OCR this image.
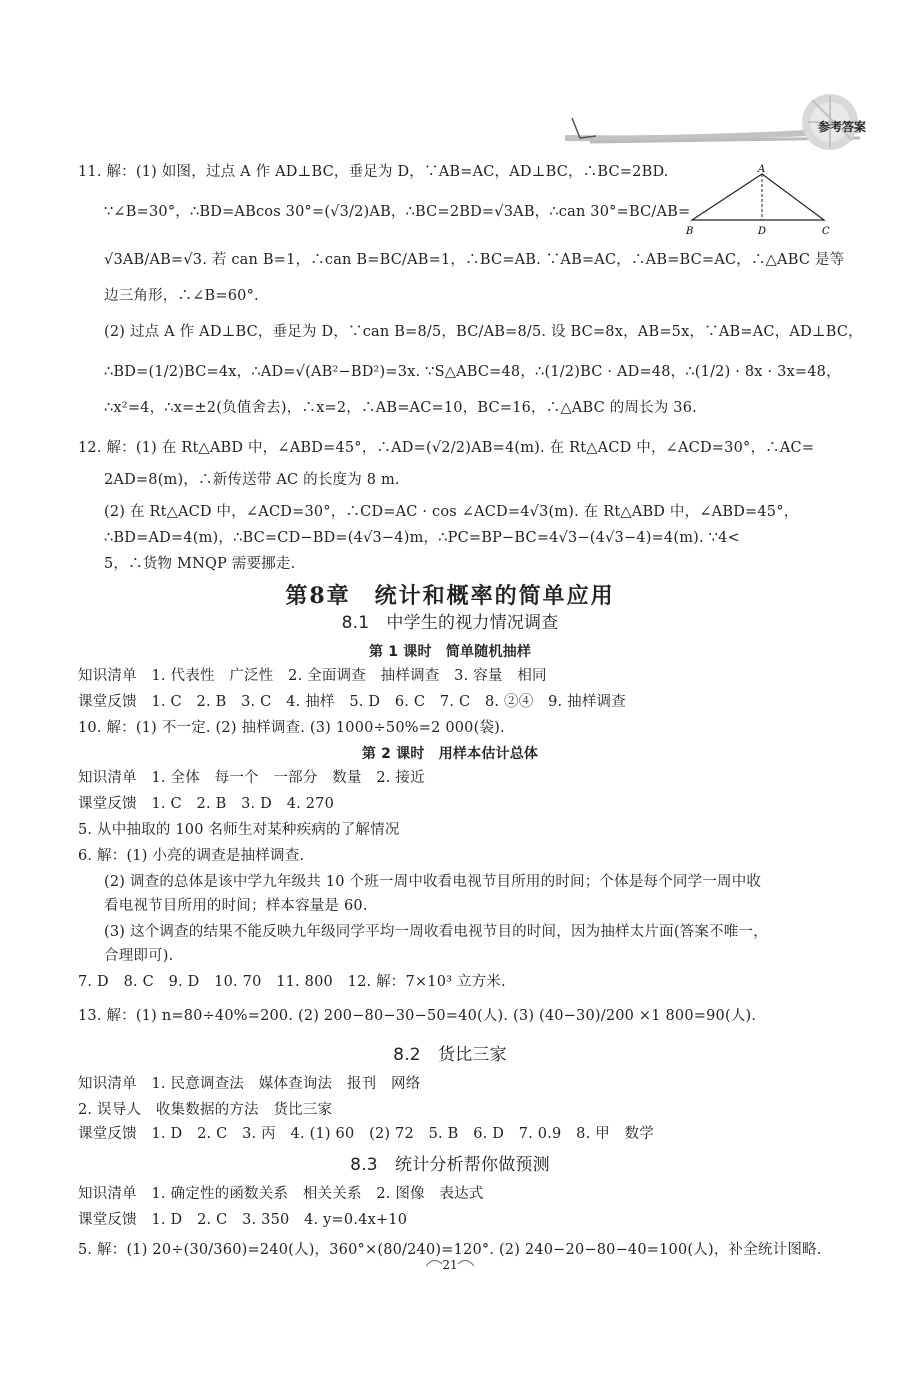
参考答案
A
B	D	C
11. 解：(1) 如图，过点 A 作 AD⊥BC，垂足为 D，∵AB=AC，AD⊥BC，∴BC=2BD.
∵∠B=30°，∴BD=ABcos 30°=(√3/2)AB，∴BC=2BD=√3AB，∴can 30°=BC/AB=
√3AB/AB=√3. 若 can B=1，∴can B=BC/AB=1，∴BC=AB. ∵AB=AC，∴AB=BC=AC，∴△ABC 是等
边三角形，∴∠B=60°.
(2) 过点 A 作 AD⊥BC，垂足为 D，∵can B=8/5，BC/AB=8/5. 设 BC=8x，AB=5x，∵AB=AC，AD⊥BC，
∴BD=(1/2)BC=4x，∴AD=√(AB²−BD²)=3x. ∵S△ABC=48，∴(1/2)BC · AD=48，∴(1/2) · 8x · 3x=48，
∴x²=4，∴x=±2(负值舍去)，∴x=2，∴AB=AC=10，BC=16，∴△ABC 的周长为 36.
12. 解：(1) 在 Rt△ABD 中，∠ABD=45°，∴AD=(√2/2)AB=4(m). 在 Rt△ACD 中，∠ACD=30°，∴AC=
2AD=8(m)，∴新传送带 AC 的长度为 8 m.
(2) 在 Rt△ACD 中，∠ACD=30°，∴CD=AC · cos ∠ACD=4√3(m). 在 Rt△ABD 中，∠ABD=45°，
∴BD=AD=4(m)，∴BC=CD−BD=(4√3−4)m，∴PC=BP−BC=4√3−(4√3−4)=4(m). ∵4<
5，∴货物 MNQP 需要挪走.
第8章　统计和概率的简单应用
8.1　中学生的视力情况调查
第 1 课时　简单随机抽样
知识清单　1. 代表性　广泛性　2. 全面调查　抽样调查　3. 容量　相同
课堂反馈　1. C　2. B　3. C　4. 抽样　5. D　6. C　7. C　8. ②④　9. 抽样调查
10. 解：(1) 不一定. (2) 抽样调查. (3) 1000÷50%=2 000(袋).
第 2 课时　用样本估计总体
知识清单　1. 全体　每一个　一部分　数量　2. 接近
课堂反馈　1. C　2. B　3. D　4. 270
5. 从中抽取的 100 名师生对某种疾病的了解情况
6. 解：(1) 小亮的调查是抽样调查.
(2) 调查的总体是该中学九年级共 10 个班一周中收看电视节目所用的时间；个体是每个同学一周中收
看电视节目所用的时间；样本容量是 60.
(3) 这个调查的结果不能反映九年级同学平均一周收看电视节目的时间，因为抽样太片面(答案不唯一，
合理即可).
7. D　8. C　9. D　10. 70　11. 800　12. 解：7×10³ 立方米.
13. 解：(1) n=80÷40%=200. (2) 200−80−30−50=40(人). (3) (40−30)/200 ×1 800=90(人).
8.2　货比三家
知识清单　1. 民意调查法　媒体查询法　报刊　网络
2. 误导人　收集数据的方法　货比三家
课堂反馈　1. D　2. C　3. 丙　4. (1) 60　(2) 72　5. B　6. D　7. 0.9　8. 甲　数学
8.3　统计分析帮你做预测
知识清单　1. 确定性的函数关系　相关关系　2. 图像　表达式
课堂反馈　1. D　2. C　3. 350　4. y=0.4x+10
5. 解：(1) 20÷(30/360)=240(人)，360°×(80/240)=120°. (2) 240−20−80−40=100(人)，补全统计图略.
21
